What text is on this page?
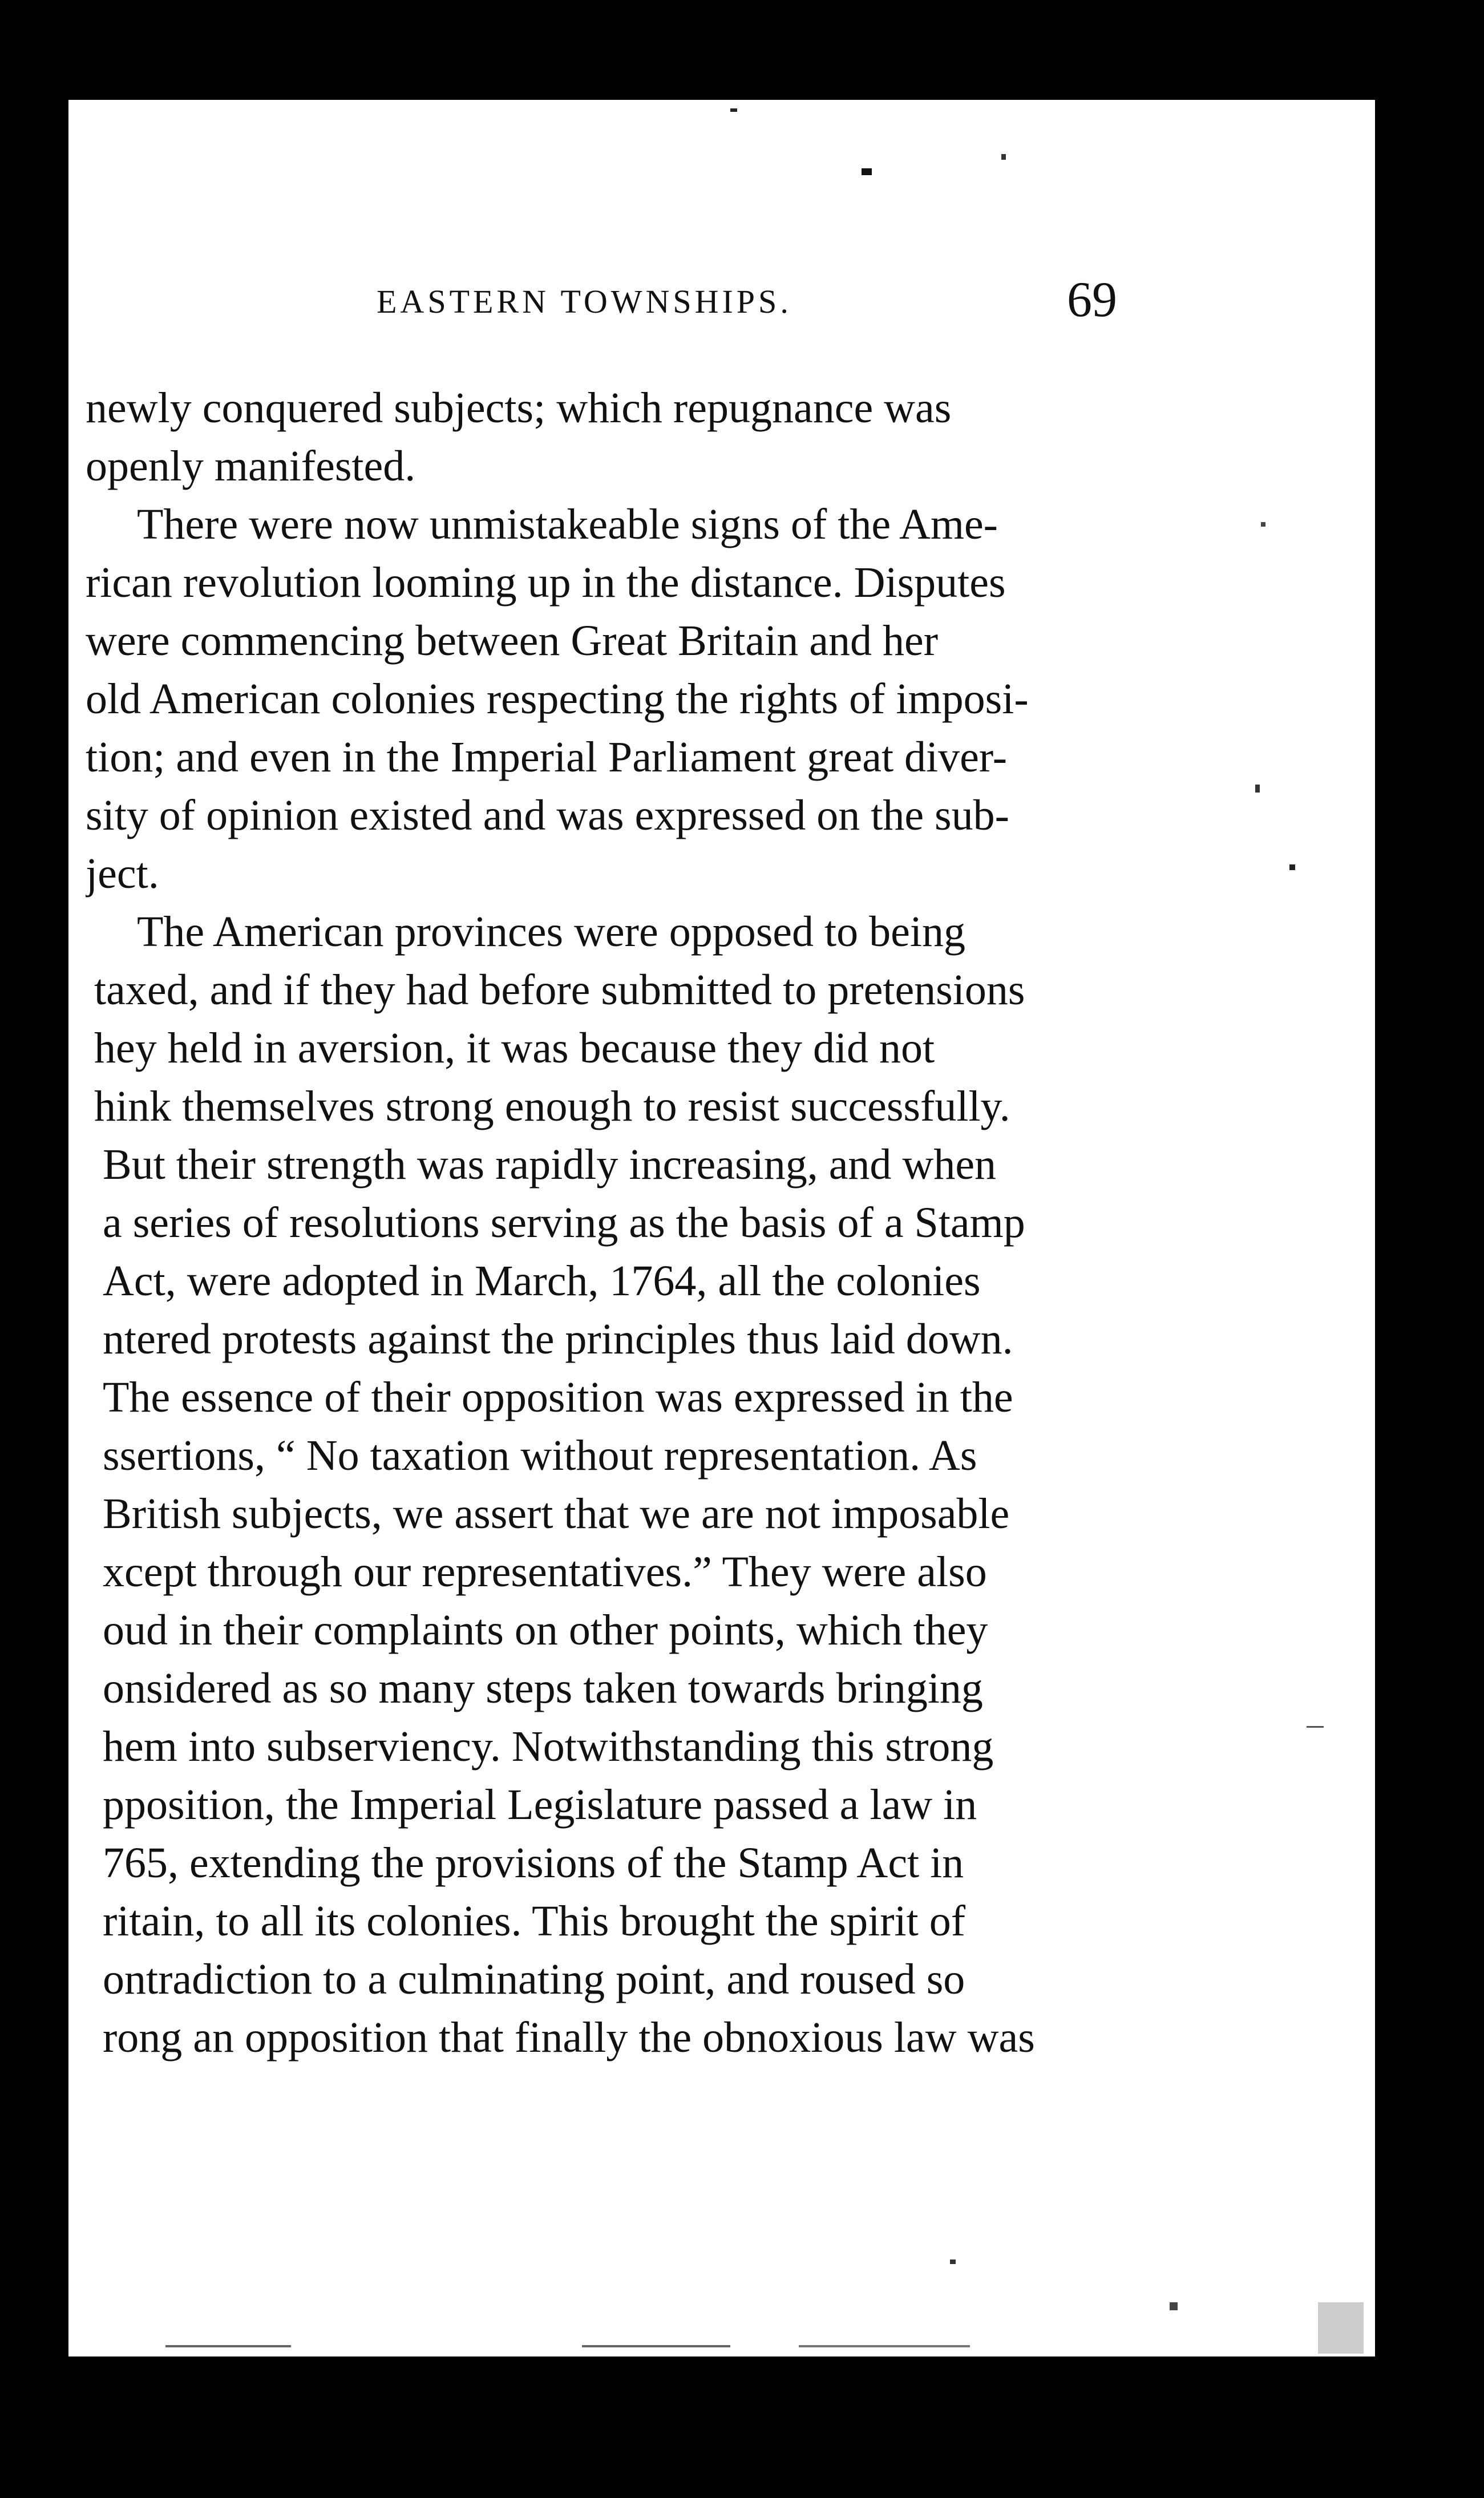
EASTERN TOWNSHIPS.	69
newly conquered subjects; which repugnance was
openly manifested.
There were now unmistakeable signs of the Ame-
rican revolution looming up in the distance. Disputes
were commencing between Great Britain and her
old American colonies respecting the rights of imposi-
tion; and even in the Imperial Parliament great diver-
sity of opinion existed and was expressed on the sub-
ject.
The American provinces were opposed to being
taxed, and if they had before submitted to pretensions
hey held in aversion, it was because they did not
hink themselves strong enough to resist successfully.
But their strength was rapidly increasing, and when
a series of resolutions serving as the basis of a Stamp
Act, were adopted in March, 1764, all the colonies
ntered protests against the principles thus laid down.
The essence of their opposition was expressed in the
ssertions, “ No taxation without representation. As
British subjects, we assert that we are not imposable
xcept through our representatives.” They were also
oud in their complaints on other points, which they
onsidered as so many steps taken towards bringing
hem into subserviency. Notwithstanding this strong
pposition, the Imperial Legislature passed a law in
765, extending the provisions of the Stamp Act in
ritain, to all its colonies. This brought the spirit of
ontradiction to a culminating point, and roused so
rong an opposition that finally the obnoxious law was
